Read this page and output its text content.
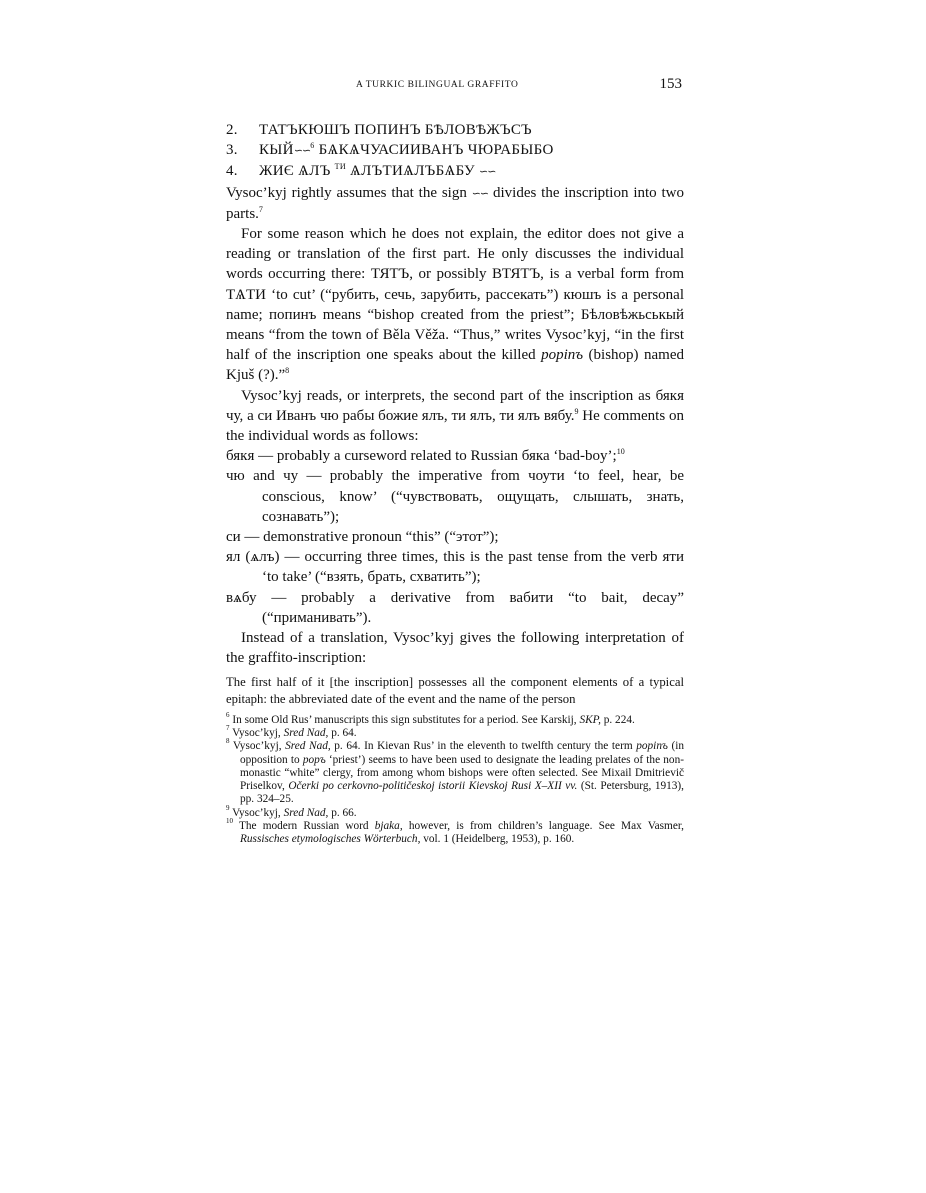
A TURKIC BILINGUAL GRAFFITO	153

2. ТАТЪКЮШЪ ПОПИНЪ БѢЛОВѢЖЪСЪ

3. КЫЙ∽∽$^6$ БѦКѦЧУАСИИВАНЪ ЧЮРАБЫБО

4. ЖИЄ ѦЛЪ $^{ТИ}$ ѦЛЪТИѦЛЪБѦБУ ∽∽

Vysoc’kyj rightly assumes that the sign ∽∽ divides the inscription into two parts.$^7$

For some reason which he does not explain, the editor does not give a reading or translation of the first part. He only discusses the individual words occurring there: ТЯТЪ, or possibly ВТЯТЪ, is a verbal form from ТѦТИ ‘to cut’ (“рубить, сечь, зарубить, рассекать”) кюшъ is a personal name; попинъ means “bishop created from the priest”; Бѣловѣжьськый means “from the town of Běla Věža. “Thus,” writes Vysoc’kyj, “in the first half of the inscription one speaks about the killed popinъ (bishop) named Kjuš (?).”$^8$

Vysoc’kyj reads, or interprets, the second part of the inscription as бякя чу, а си Иванъ чю рабы божие ялъ, ти ялъ, ти ялъ вябу.$^9$ He comments on the individual words as follows:

бякя — probably a curseword related to Russian бяка ‘bad-boy’;$^{10}$

чю and чу — probably the imperative from чоути ‘to feel, hear, be conscious, know’ (“чувствовать, ощущать, слышать, знать, сознавать”);

си — demonstrative pronoun “this” (“этот”);

ял (ѧлъ) — occurring three times, this is the past tense from the verb яти ‘to take’ (“взять, брать, схватить”);

вѧбу — probably a derivative from вабити “to bait, decay” (“приманивать”).

Instead of a translation, Vysoc’kyj gives the following interpretation of the graffito-inscription:

The first half of it [the inscription] possesses all the component elements of a typical epitaph: the abbreviated date of the event and the name of the person

$^6$ In some Old Rus’ manuscripts this sign substitutes for a period. See Karskij, SKP, p. 224.

$^7$ Vysoc’kyj, Sred Nad, p. 64.

$^8$ Vysoc’kyj, Sred Nad, p. 64. In Kievan Rus’ in the eleventh to twelfth century the term popinъ (in opposition to popъ ‘priest’) seems to have been used to designate the leading prelates of the non-monastic “white” clergy, from among whom bishops were often selected. See Mixail Dmitrievič Priselkov, Očerki po cerkovno-političeskoj istorii Kievskoj Rusi X–XII vv. (St. Petersburg, 1913), pp. 324–25.

$^9$ Vysoc’kyj, Sred Nad, p. 66.

$^{10}$ The modern Russian word bjaka, however, is from children’s language. See Max Vasmer, Russisches etymologisches Wörterbuch, vol. 1 (Heidelberg, 1953), p. 160.
